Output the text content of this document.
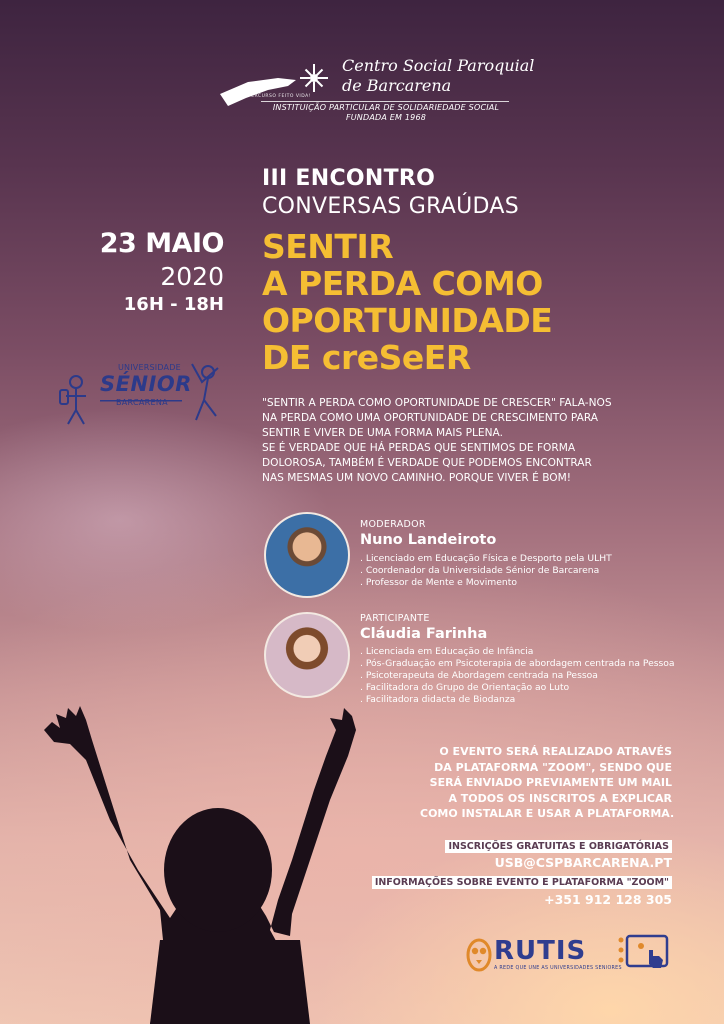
Centro Social Paroquial
de Barcarena
PERCURSO FEITO VIDA!
INSTITUIÇÃO PARTICULAR DE SOLIDARIEDADE SOCIAL
FUNDADA EM 1968
III ENCONTRO
CONVERSAS GRAÚDAS
23 MAIO
2020
16H - 18H
SENTIR
A PERDA COMO
OPORTUNIDADE
DE creSeER
UNIVERSIDADE
SÉNIOR
BARCARENA	"SENTIR A PERDA COMO OPORTUNIDADE DE CRESCER" FALA-NOS
NA PERDA COMO UMA OPORTUNIDADE DE CRESCIMENTO PARA
SENTIR E VIVER DE UMA FORMA MAIS PLENA.
SE É VERDADE QUE HÁ PERDAS QUE SENTIMOS DE FORMA
DOLOROSA, TAMBÉM É VERDADE QUE PODEMOS ENCONTRAR
NAS MESMAS UM NOVO CAMINHO. PORQUE VIVER É BOM!
MODERADOR
Nuno Landeiroto
. Licenciado em Educação Física e Desporto pela ULHT
. Coordenador da Universidade Sénior de Barcarena
. Professor de Mente e Movimento
PARTICIPANTE
Cláudia Farinha
. Licenciada em Educação de Infância
. Pós-Graduação em Psicoterapia de abordagem centrada na Pessoa
. Psicoterapeuta de Abordagem centrada na Pessoa
. Facilitadora do Grupo de Orientação ao Luto
. Facilitadora didacta de Biodanza
O EVENTO SERÁ REALIZADO ATRAVÉS
DA PLATAFORMA "ZOOM", SENDO QUE
SERÁ ENVIADO PREVIAMENTE UM MAIL
A TODOS OS INSCRITOS A EXPLICAR
COMO INSTALAR E USAR A PLATAFORMA.
INSCRIÇÕES GRATUITAS E OBRIGATÓRIAS
USB@CSPBARCARENA.PT
INFORMAÇÕES SOBRE EVENTO E PLATAFORMA "ZOOM"
+351 912 128 305
RUTIS
A REDE QUE UNE AS UNIVERSIDADES SENIORES
